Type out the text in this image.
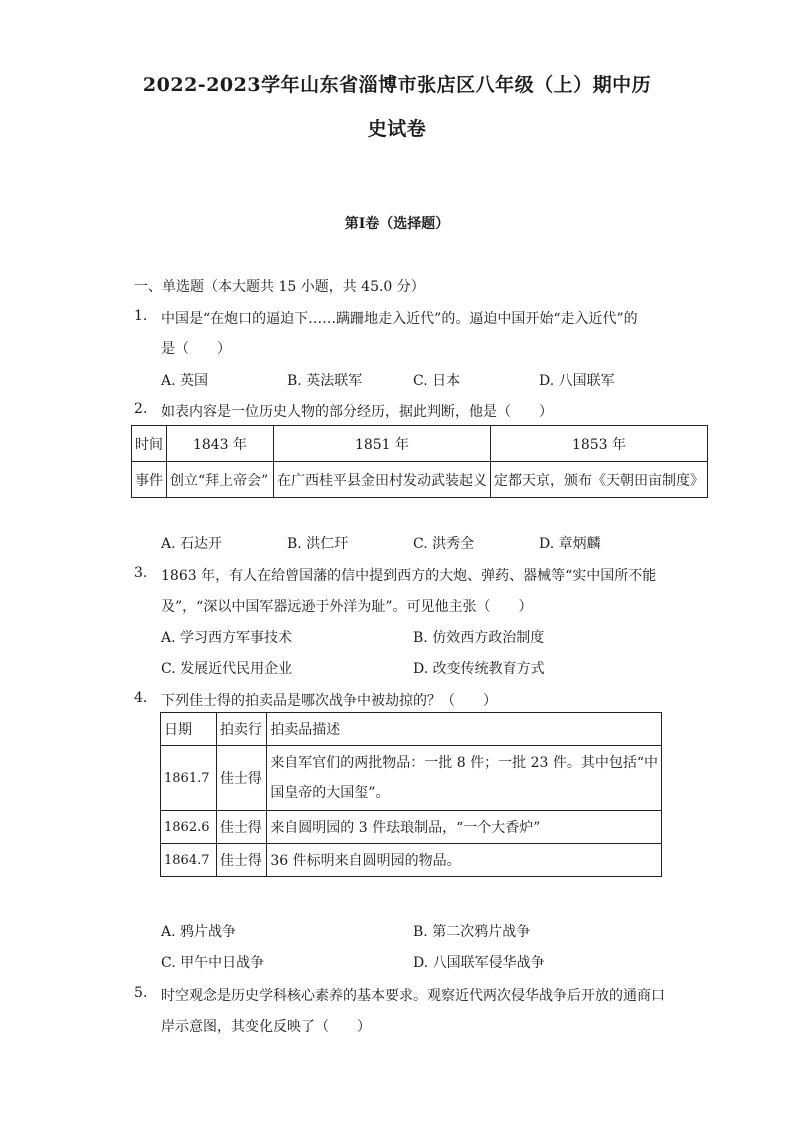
2022-2023学年山东省淄博市张店区八年级（上）期中历
史试卷
第I卷（选择题）
一、单选题（本大题共 15 小题，共 45.0 分）
1. 中国是“在炮口的逼迫下……蹒跚地走入近代”的。逼迫中国开始“走入近代”的
是（　　）
A. 英国	B. 英法联军	C. 日本	D. 八国联军
2. 如表内容是一位历史人物的部分经历，据此判断，他是（　　）
时间	1843 年	1851 年	1853 年
事件	创立“拜上帝会”	在广西桂平县金田村发动武装起义	定都天京，颁布《天朝田亩制度》
A. 石达开	B. 洪仁玕	C. 洪秀全	D. 章炳麟
3. 1863 年，有人在给曾国藩的信中提到西方的大炮、弹药、器械等“实中国所不能
及”，“深以中国军器远逊于外洋为耻”。可见他主张（　　）
A. 学习西方军事技术	B. 仿效西方政治制度
C. 发展近代民用企业	D. 改变传统教育方式
4. 下列佳士得的拍卖品是哪次战争中被劫掠的？（　　）
日期	拍卖行	拍卖品描述
1861.7	佳士得	来自军官们的两批物品：一批 8 件；一批 23 件。其中包括“中
国皇帝的大国玺”。

1862.6	佳士得	来自圆明园的 3 件珐琅制品，“一个大香炉”
1864.7	佳士得	36 件标明来自圆明园的物品。
A. 鸦片战争	B. 第二次鸦片战争
C. 甲午中日战争	D. 八国联军侵华战争
5. 时空观念是历史学科核心素养的基本要求。观察近代两次侵华战争后开放的通商口
岸示意图，其变化反映了（　　）
